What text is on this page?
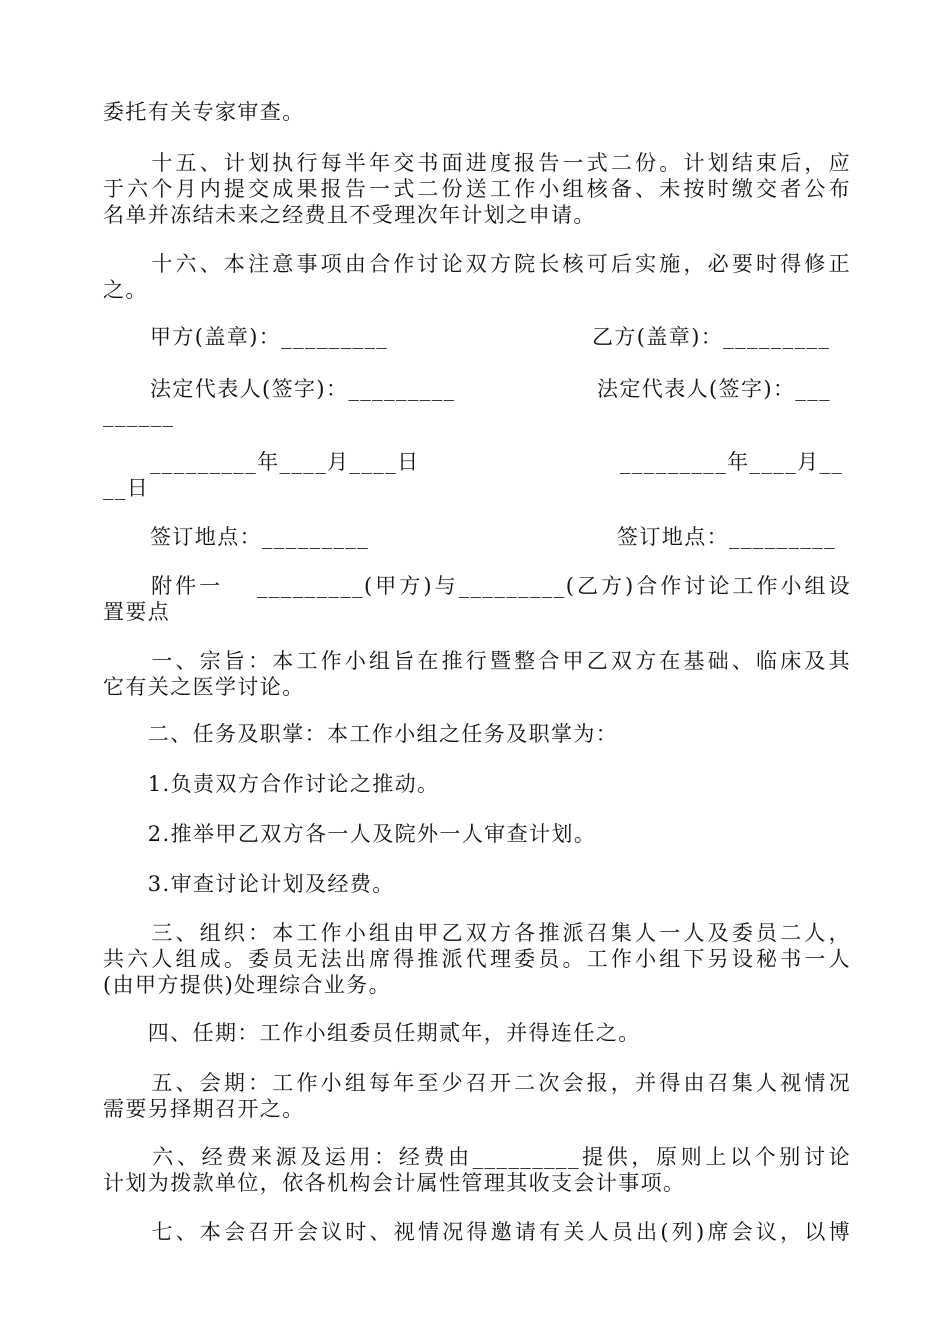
委托有关专家审查。
　　十五、计划执行每半年交书面进度报告一式二份。计划结束后，应
于六个月内提交成果报告一式二份送工作小组核备、未按时缴交者公布
名单并冻结未来之经费且不受理次年计划之申请。
　　十六、本注意事项由合作讨论双方院长核可后实施，必要时得修正
之。
甲方(盖章)：_________	乙方(盖章)：_________
法定代表人(签字)：_________	法定代表人(签字)：___
______
_________年____月____日	_________年____月__
__日
签订地点：_________	签订地点：_________
　　附件一　 _________(甲方)与_________(乙方)合作讨论工作小组设
置要点
　　一、宗旨：本工作小组旨在推行暨整合甲乙双方在基础、临床及其
它有关之医学讨论。
　　二、任务及职掌：本工作小组之任务及职掌为：
　　1.负责双方合作讨论之推动。
　　2.推举甲乙双方各一人及院外一人审查计划。
　　3.审查讨论计划及经费。
　　三、组织：本工作小组由甲乙双方各推派召集人一人及委员二人，
共六人组成。委员无法出席得推派代理委员。工作小组下另设秘书一人
(由甲方提供)处理综合业务。
　　四、任期：工作小组委员任期贰年，并得连任之。
　　五、会期：工作小组每年至少召开二次会报，并得由召集人视情况
需要另择期召开之。
　　六、经费来源及运用：经费由_________提供，原则上以个别讨论
计划为拨款单位，依各机构会计属性管理其收支会计事项。
　　七、本会召开会议时、视情况得邀请有关人员出(列)席会议，以博
